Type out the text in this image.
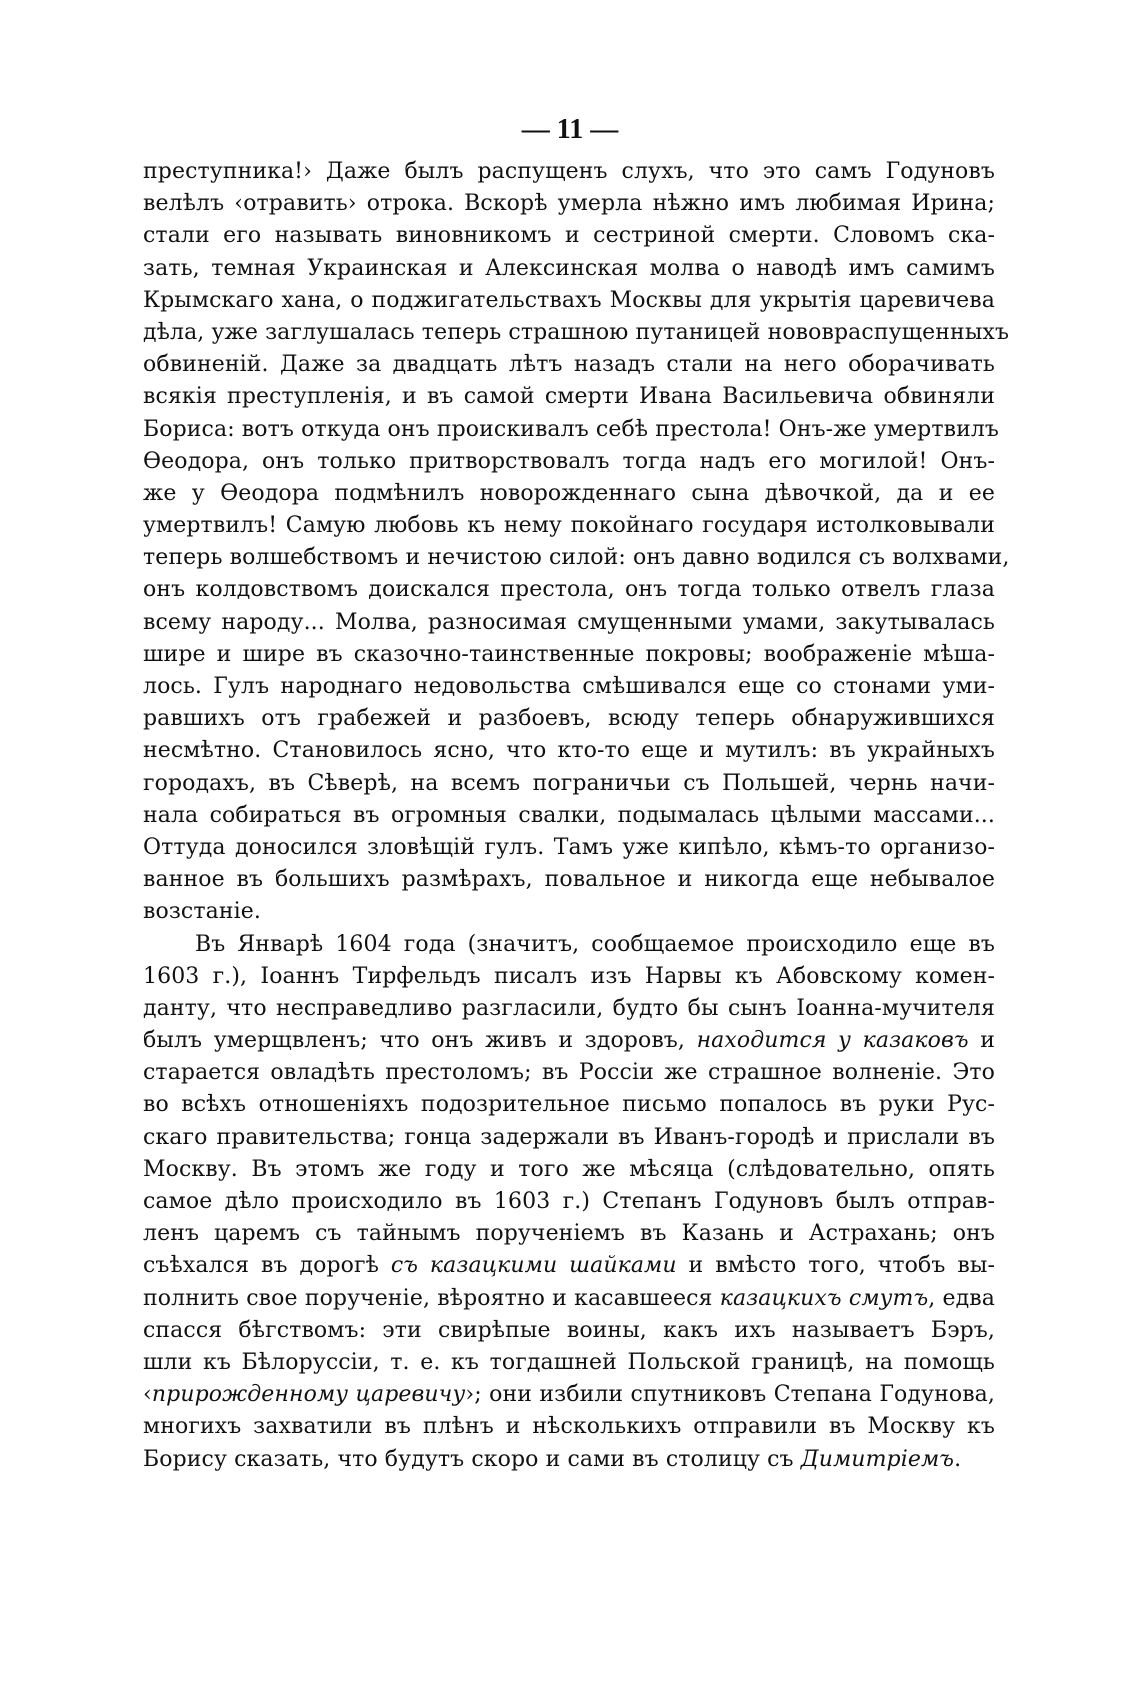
— 11 —
преступника!› Даже былъ распущенъ слухъ, что это самъ Годуновъ
велѣлъ ‹отравить› отрока. Вскорѣ умерла нѣжно имъ любимая Ирина;
стали его называть виновникомъ и сестриной смерти. Словомъ ска-
зать, темная Украинская и Алексинская молва о наводѣ имъ самимъ
Крымскаго хана, о поджигательствахъ Москвы для укрытія царевичева
дѣла, уже заглушалась теперь страшною путаницей нововраспущенныхъ
обвиненій. Даже за двадцать лѣтъ назадъ стали на него оборачивать
всякія преступленія, и въ самой смерти Ивана Васильевича обвиняли
Бориса: вотъ откуда онъ проискивалъ себѣ престола! Онъ-же умертвилъ
Өеодора, онъ только притворствовалъ тогда надъ его могилой! Онъ-
же у Өеодора подмѣнилъ новорожденнаго сына дѣвочкой, да и ее
умертвилъ! Самую любовь къ нему покойнаго государя истолковывали
теперь волшебствомъ и нечистою силой: онъ давно водился съ волхвами,
онъ колдовствомъ доискался престола, онъ тогда только отвелъ глаза
всему народу... Молва, разносимая смущенными умами, закутывалась
шире и шире въ сказочно-таинственные покровы; воображеніе мѣша-
лось. Гулъ народнаго недовольства смѣшивался еще со стонами уми-
равшихъ отъ грабежей и разбоевъ, всюду теперь обнаружившихся
несмѣтно. Становилось ясно, что кто-то еще и мутилъ: въ украйныхъ
городахъ, въ Сѣверѣ, на всемъ пограничьи съ Польшей, чернь начи-
нала собираться въ огромныя свалки, подымалась цѣлыми массами...
Оттуда доносился зловѣщій гулъ. Тамъ уже кипѣло, кѣмъ-то организо-
ванное въ большихъ размѣрахъ, повальное и никогда еще небывалое
возстаніе.
Въ Январѣ 1604 года (значитъ, сообщаемое происходило еще въ
1603 г.), Іоаннъ Тирфельдъ писалъ изъ Нарвы къ Абовскому комен-
данту, что несправедливо разгласили, будто бы сынъ Іоанна-мучителя
былъ умерщвленъ; что онъ живъ и здоровъ, находится у казаковъ и
старается овладѣть престоломъ; въ Россіи же страшное волненіе. Это
во всѣхъ отношеніяхъ подозрительное письмо попалось въ руки Рус-
скаго правительства; гонца задержали въ Иванъ-городѣ и прислали въ
Москву. Въ этомъ же году и того же мѣсяца (слѣдовательно, опять
самое дѣло происходило въ 1603 г.) Степанъ Годуновъ былъ отправ-
ленъ царемъ съ тайнымъ порученіемъ въ Казань и Астрахань; онъ
съѣхался въ дорогѣ съ казацкими шайками и вмѣсто того, чтобъ вы-
полнить свое порученіе, вѣроятно и касавшееся казацкихъ смутъ, едва
спасся бѣгствомъ: эти свирѣпые воины, какъ ихъ называетъ Бэръ,
шли къ Бѣлоруссіи, т. е. къ тогдашней Польской границѣ, на помощь
‹прирожденному царевичу›; они избили спутниковъ Степана Годунова,
многихъ захватили въ плѣнъ и нѣсколькихъ отправили въ Москву къ
Борису сказать, что будутъ скоро и сами въ столицу съ Димитріемъ.
